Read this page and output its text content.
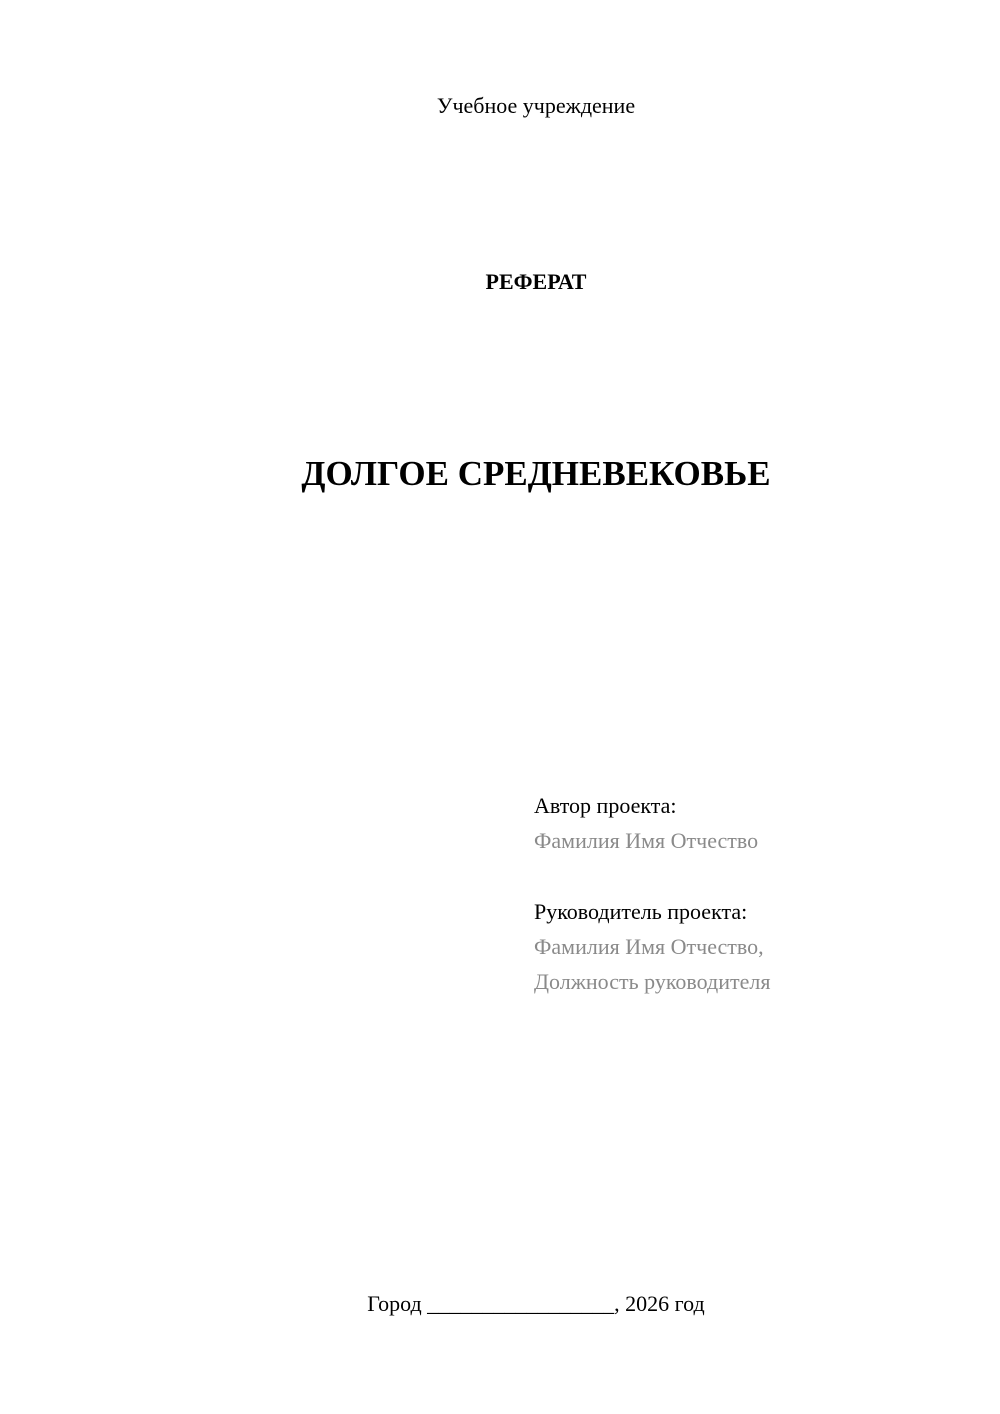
Учебное учреждение
РЕФЕРАТ
ДОЛГОЕ СРЕДНЕВЕКОВЬЕ
Автор проекта:
Фамилия Имя Отчество
Руководитель проекта:
Фамилия Имя Отчество,
Должность руководителя
Город _________________, 2026 год
